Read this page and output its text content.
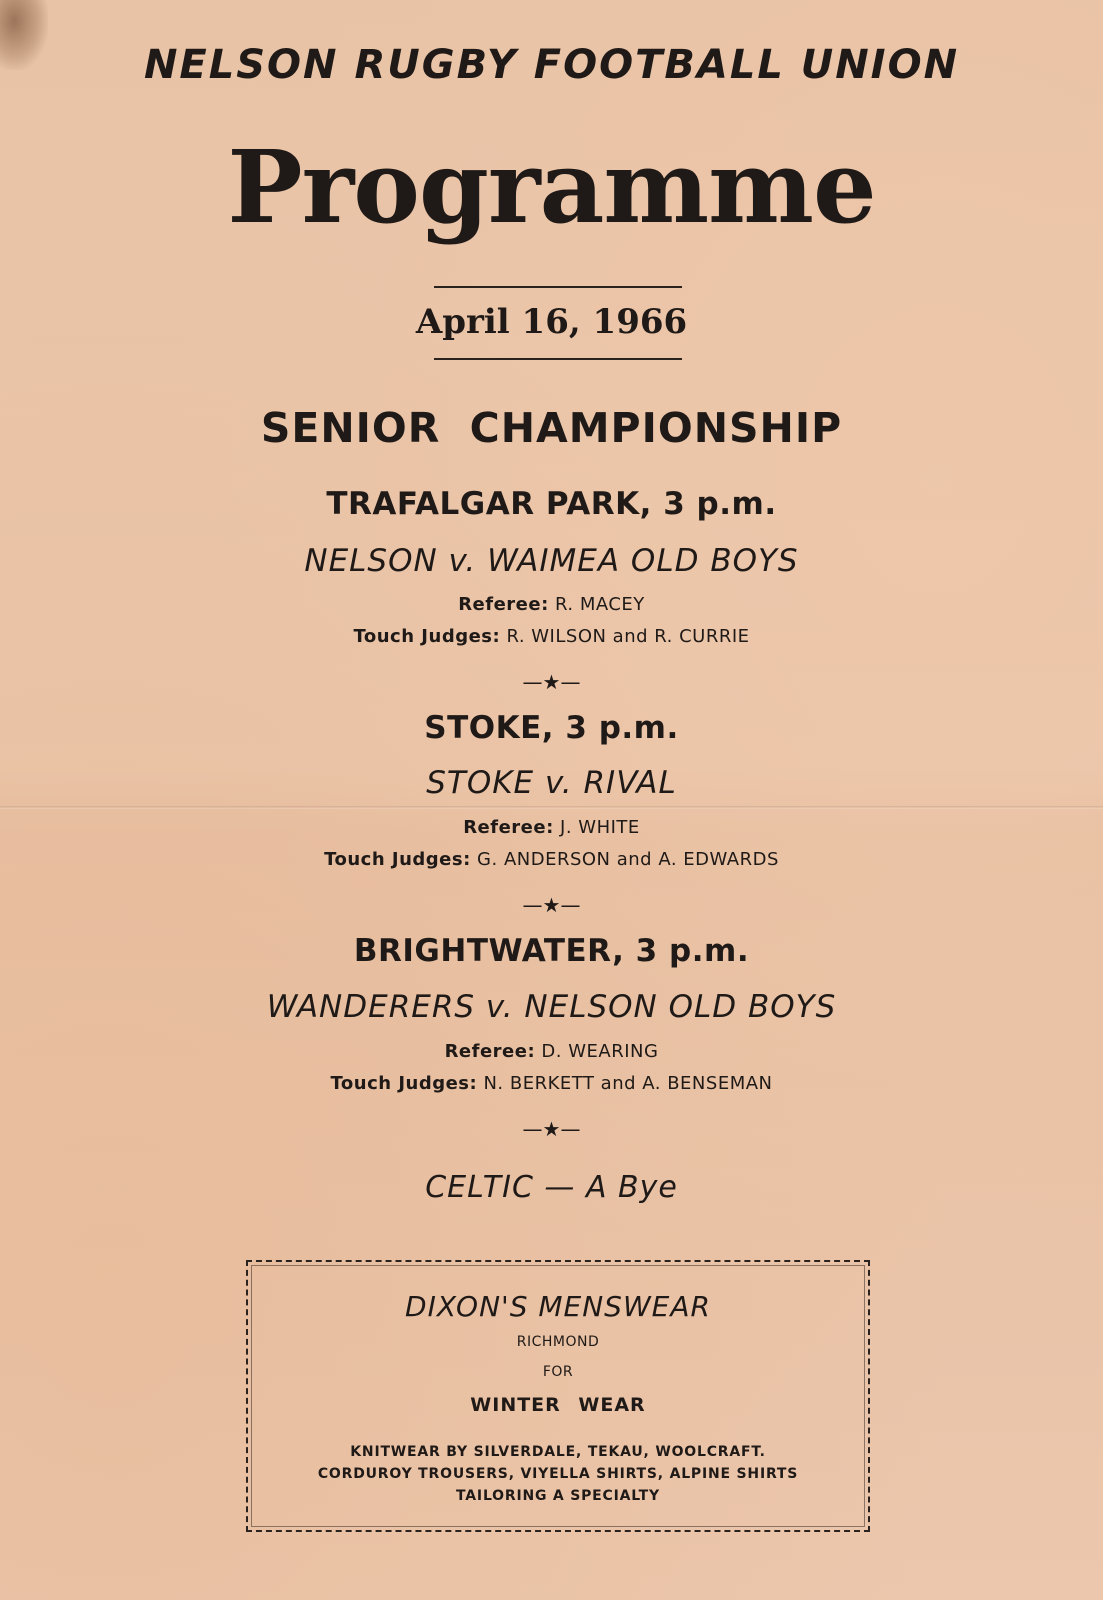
NELSON RUGBY FOOTBALL UNION
Programme
April 16, 1966
SENIOR CHAMPIONSHIP
TRAFALGAR PARK, 3 p.m.
NELSON v. WAIMEA OLD BOYS
Referee: R. MACEY
Touch Judges: R. WILSON and R. CURRIE
—★—
STOKE, 3 p.m.
STOKE v. RIVAL
Referee: J. WHITE
Touch Judges: G. ANDERSON and A. EDWARDS
—★—
BRIGHTWATER, 3 p.m.
WANDERERS v. NELSON OLD BOYS
Referee: D. WEARING
Touch Judges: N. BERKETT and A. BENSEMAN
—★—
CELTIC — A Bye
DIXON'S MENSWEAR
RICHMOND
FOR
WINTER WEAR
KNITWEAR BY SILVERDALE, TEKAU, WOOLCRAFT.
CORDUROY TROUSERS, VIYELLA SHIRTS, ALPINE SHIRTS
TAILORING A SPECIALTY
